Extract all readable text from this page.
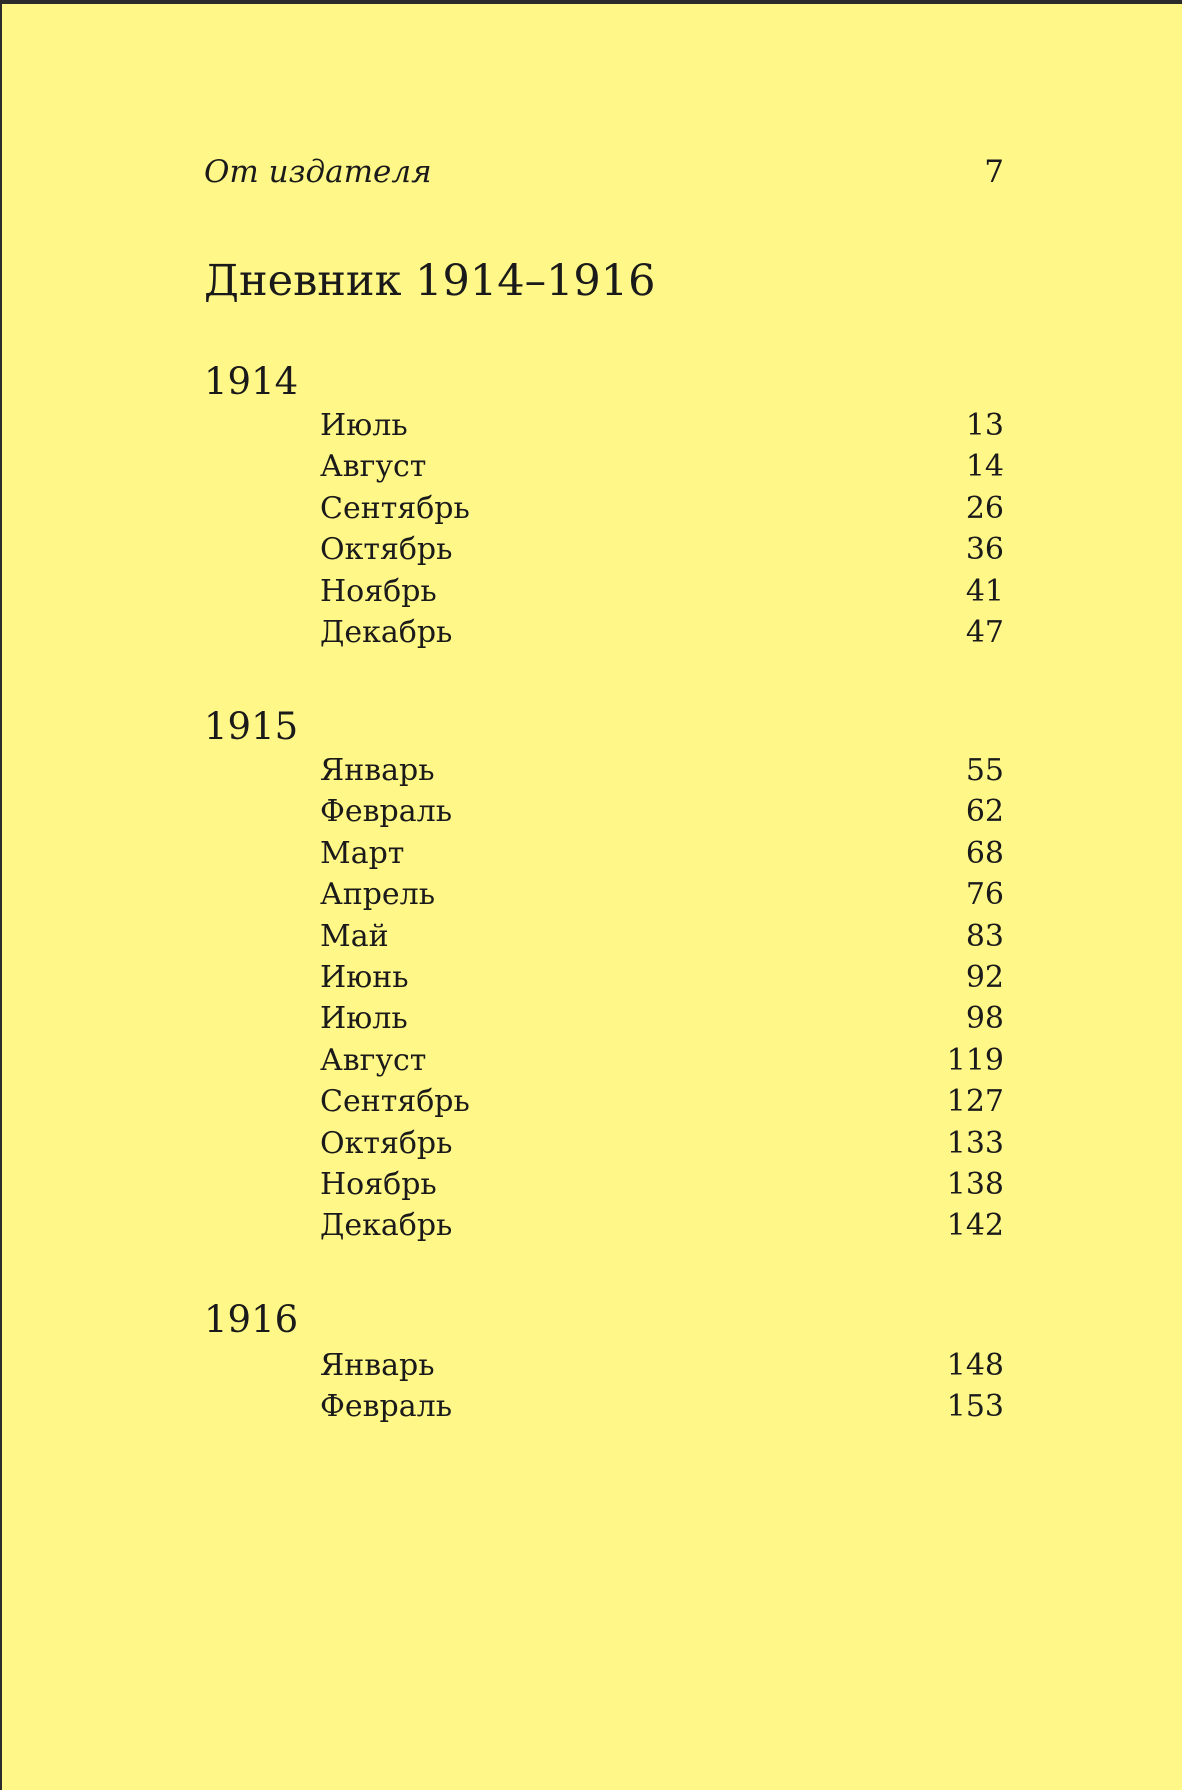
От издателя	7
Дневник 1914–1916
1914
Июль	13
Август	14
Сентябрь	26
Октябрь	36
Ноябрь	41
Декабрь	47
1915
Январь	55
Февраль	62
Март	68
Апрель	76
Май	83
Июнь	92
Июль	98
Август	119
Сентябрь	127
Октябрь	133
Ноябрь	138
Декабрь	142
1916
Январь	148
Февраль	153
